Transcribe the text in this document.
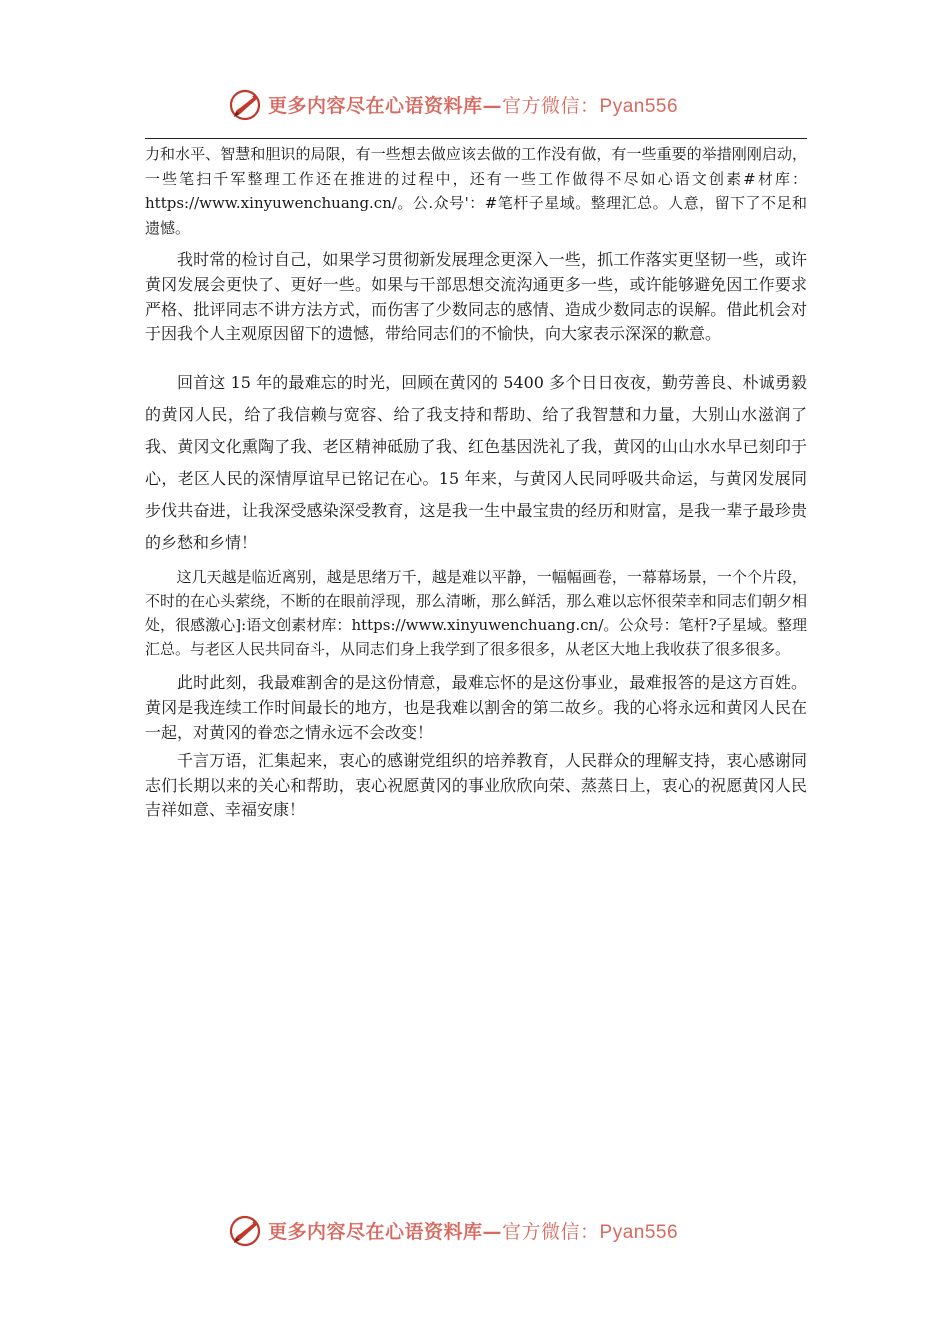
更多内容尽在心语资料库—官方微信：Pyan556

力和水平、智慧和胆识的局限，有一些想去做应该去做的工作没有做，有一些重要的举措刚刚启动，一些笔扫千军整理工作还在推进的过程中，还有一些工作做得不尽如心语文创素#材库：https://www.xinyuwenchuang.cn/。公.众号'：#笔杆子星域。整理汇总。人意，留下了不足和遗憾。

我时常的检讨自己，如果学习贯彻新发展理念更深入一些，抓工作落实更坚韧一些，或许黄冈发展会更快了、更好一些。如果与干部思想交流沟通更多一些，或许能够避免因工作要求严格、批评同志不讲方法方式，而伤害了少数同志的感情、造成少数同志的误解。借此机会对于因我个人主观原因留下的遗憾，带给同志们的不愉快，向大家表示深深的歉意。

回首这 15 年的最难忘的时光，回顾在黄冈的 5400 多个日日夜夜，勤劳善良、朴诚勇毅的黄冈人民，给了我信赖与宽容、给了我支持和帮助、给了我智慧和力量，大别山水滋润了我、黄冈文化熏陶了我、老区精神砥励了我、红色基因洗礼了我，黄冈的山山水水早已刻印于心，老区人民的深情厚谊早已铭记在心。15 年来，与黄冈人民同呼吸共命运，与黄冈发展同步伐共奋进，让我深受感染深受教育，这是我一生中最宝贵的经历和财富，是我一辈子最珍贵的乡愁和乡情！

这几天越是临近离别，越是思绪万千，越是难以平静，一幅幅画卷，一幕幕场景，一个个片段，不时的在心头萦绕，不断的在眼前浮现，那么清晰，那么鲜活，那么难以忘怀很荣幸和同志们朝夕相处，很感激心]:语文创素材库：https://www.xinyuwenchuang.cn/。公众号：笔杆?子星域。整理汇总。与老区人民共同奋斗，从同志们身上我学到了很多很多，从老区大地上我收获了很多很多。

此时此刻，我最难割舍的是这份情意，最难忘怀的是这份事业，最难报答的是这方百姓。黄冈是我连续工作时间最长的地方，也是我难以割舍的第二故乡。我的心将永远和黄冈人民在一起，对黄冈的眷恋之情永远不会改变！

千言万语，汇集起来，衷心的感谢党组织的培养教育，人民群众的理解支持，衷心感谢同志们长期以来的关心和帮助，衷心祝愿黄冈的事业欣欣向荣、蒸蒸日上，衷心的祝愿黄冈人民吉祥如意、幸福安康！

更多内容尽在心语资料库—官方微信：Pyan556
